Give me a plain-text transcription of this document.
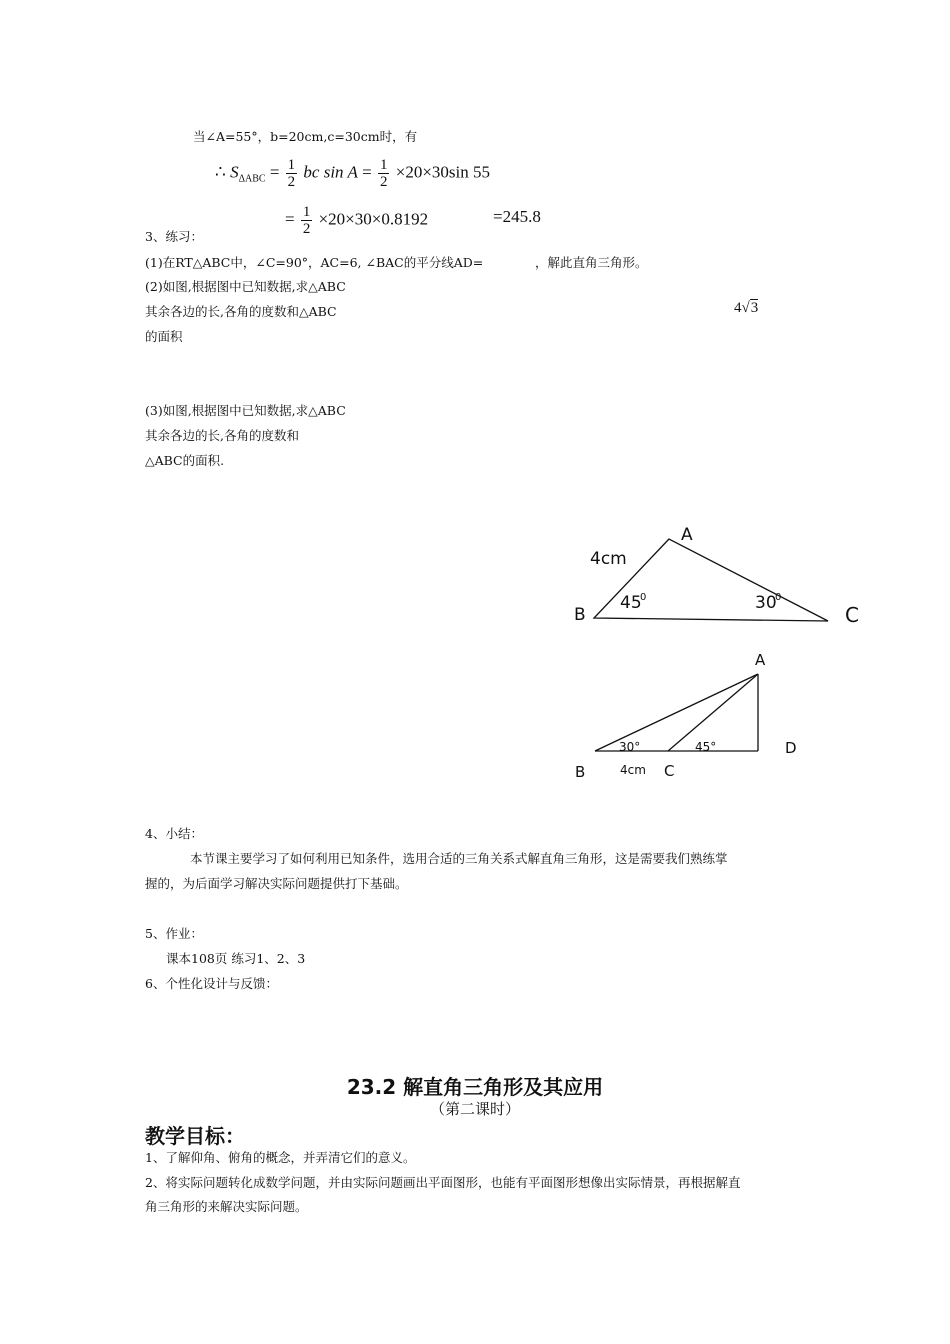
当∠A=55°，b=20cm,c=30cm时，有
∴ $S_{\Delta ABC} = \frac{1}{2}$ bc $\sin A = \frac{1}{2} \times 20\times 30\sin$ 55
= $\frac{1}{2} \times 20\times 30\times 0.8192$	=245.8
3、练习：
(1)在RT△ABC中，∠C=90°，AC=6, ∠BAC的平分线AD=	，解此直角三角形。
(2)如图,根据图中已知数据,求△ABC
其余各边的长,各角的度数和△ABC
的面积
4√3
(3)如图,根据图中已知数据,求△ABC
其余各边的长,各角的度数和
△ABC的面积.
A
B	C
4cm
45
0	30
0
A
B	C
D
30°	45°
4cm
4、小结：
本节课主要学习了如何利用已知条件，选用合适的三角关系式解直角三角形，这是需要我们熟练掌
握的，为后面学习解决实际问题提供打下基础。
5、作业：
课本108页 练习1、2、3
6、个性化设计与反馈：
23.2 解直角三角形及其应用
（第二课时）
教学目标：
1、了解仰角、俯角的概念，并弄清它们的意义。
2、将实际问题转化成数学问题，并由实际问题画出平面图形，也能有平面图形想像出实际情景，再根据解直
角三角形的来解决实际问题。
